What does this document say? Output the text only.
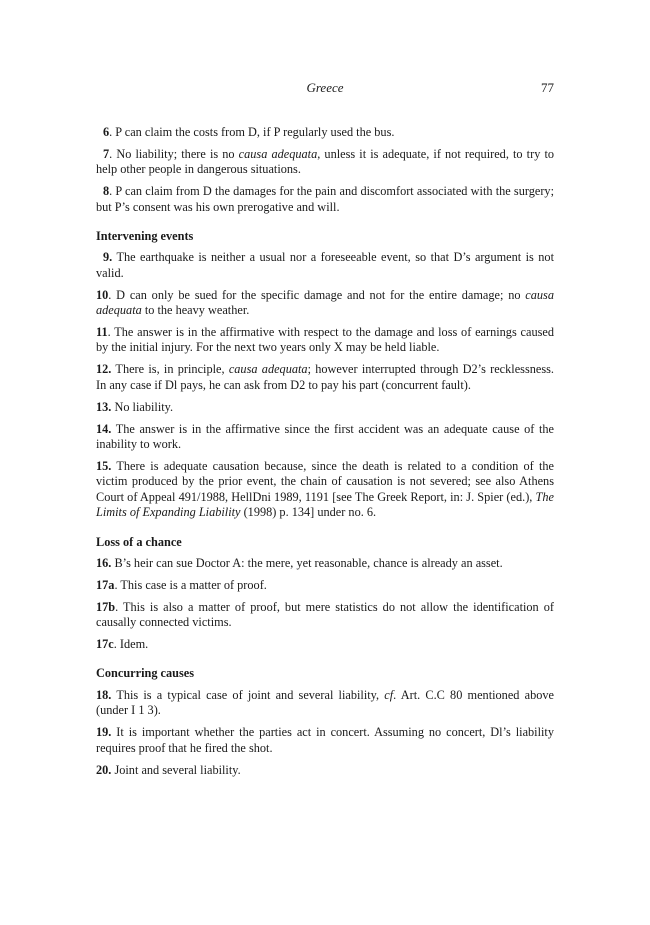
Greece	77

6. P can claim the costs from D, if P regularly used the bus.

7. No liability; there is no causa adequata, unless it is adequate, if not required, to try to help other people in dangerous situations.

8. P can claim from D the damages for the pain and discomfort associated with the surgery; but P’s consent was his own prerogative and will.

Intervening events

9. The earthquake is neither a usual nor a foreseeable event, so that D’s argument is not valid.

10. D can only be sued for the specific damage and not for the entire damage; no causa adequata to the heavy weather.

11. The answer is in the affirmative with respect to the damage and loss of earnings caused by the initial injury. For the next two years only X may be held liable.

12. There is, in principle, causa adequata; however interrupted through D2’s recklessness. In any case if Dl pays, he can ask from D2 to pay his part (concurrent fault).

13. No liability.

14. The answer is in the affirmative since the first accident was an adequate cause of the inability to work.

15. There is adequate causation because, since the death is related to a condition of the victim produced by the prior event, the chain of causation is not severed; see also Athens Court of Appeal 491/1988, HellDni 1989, 1191 [see The Greek Report, in: J. Spier (ed.), The Limits of Expanding Liability (1998) p. 134] under no. 6.

Loss of a chance

16. B’s heir can sue Doctor A: the mere, yet reasonable, chance is already an asset.

17a. This case is a matter of proof.

17b. This is also a matter of proof, but mere statistics do not allow the identification of causally connected victims.

17c. Idem.

Concurring causes

18. This is a typical case of joint and several liability, cf. Art. C.C 80 mentioned above (under I 1 3).

19. It is important whether the parties act in concert. Assuming no concert, Dl’s liability requires proof that he fired the shot.

20. Joint and several liability.
